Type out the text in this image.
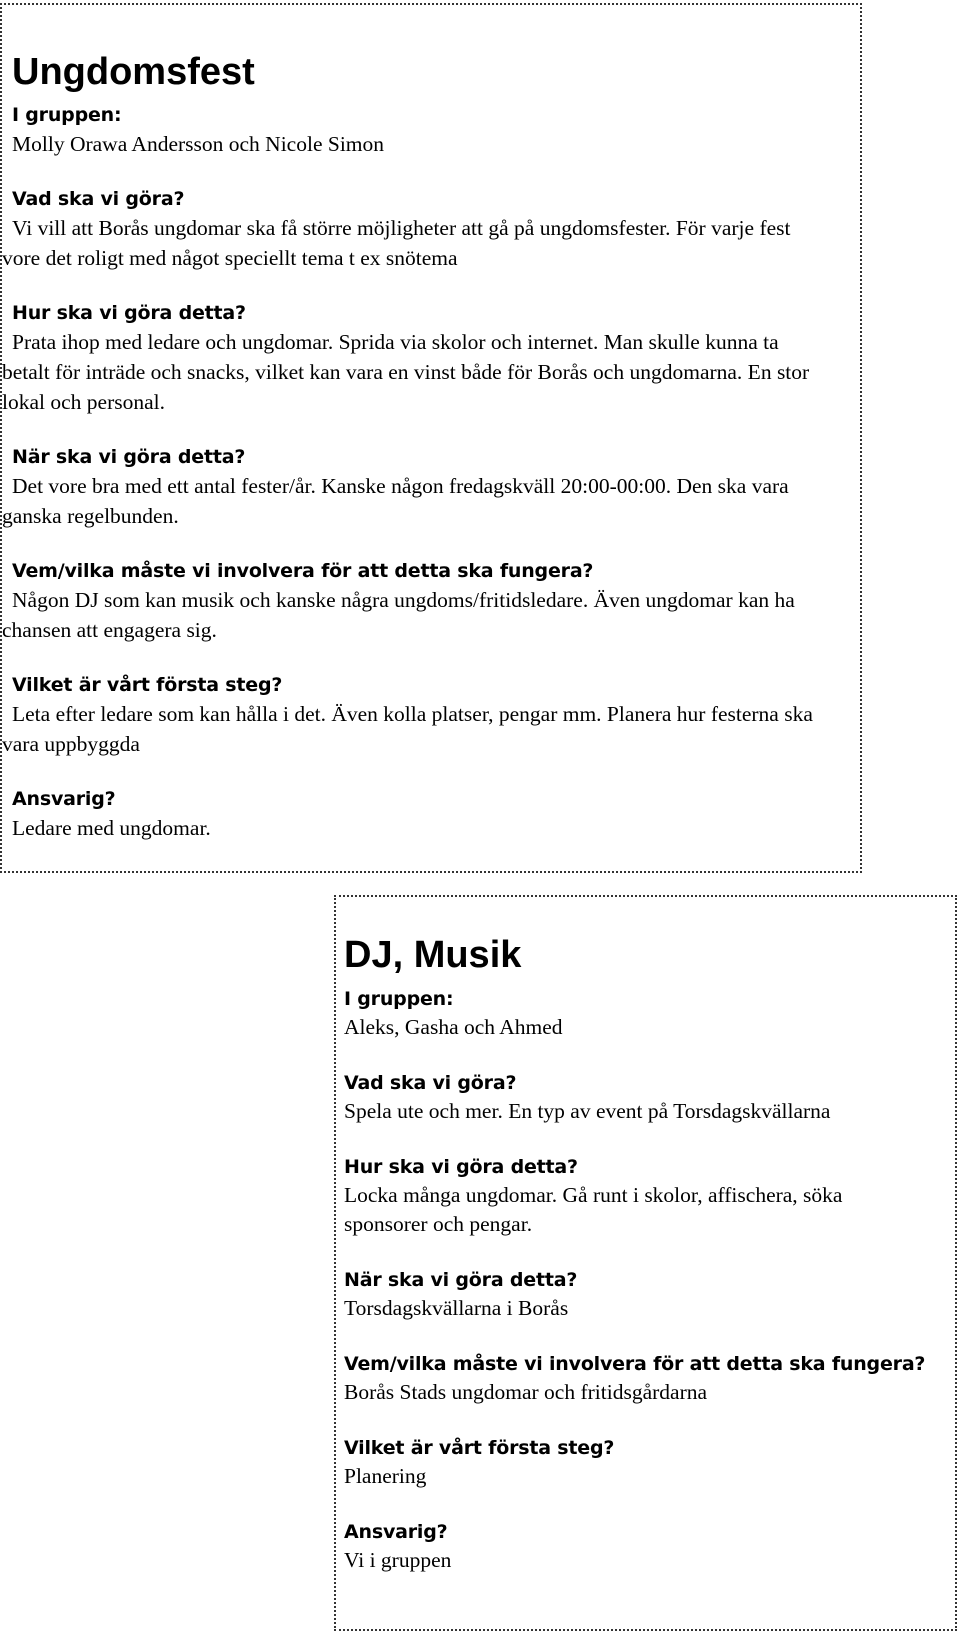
Ungdomsfest
I gruppen:
Molly Orawa Andersson och Nicole Simon
Vad ska vi göra?
Vi vill att Borås ungdomar ska få större möjligheter att gå på ungdomsfester. För varje fest vore det roligt med något speciellt tema t ex snötema
Hur ska vi göra detta?
Prata ihop med ledare och ungdomar. Sprida via skolor och internet. Man skulle kunna ta betalt för inträde och snacks, vilket kan vara en vinst både för Borås och ungdomarna. En stor lokal och personal.
När ska vi göra detta?
Det vore bra med ett antal fester/år. Kanske någon fredagskväll 20:00-00:00. Den ska vara ganska regelbunden.
Vem/vilka måste vi involvera för att detta ska fungera?
Någon DJ som kan musik och kanske några ungdoms/fritidsledare. Även ungdomar kan ha chansen att engagera sig.
Vilket är vårt första steg?
Leta efter ledare som kan hålla i det. Även kolla platser, pengar mm. Planera hur festerna ska vara uppbyggda
Ansvarig?
Ledare med ungdomar.
DJ, Musik
I gruppen:
Aleks, Gasha och Ahmed
Vad ska vi göra?
Spela ute och mer. En typ av event på Torsdagskvällarna
Hur ska vi göra detta?
Locka många ungdomar. Gå runt i skolor, affischera, söka sponsorer och pengar.
När ska vi göra detta?
Torsdagskvällarna i Borås
Vem/vilka måste vi involvera för att detta ska fungera?
Borås Stads ungdomar och fritidsgårdarna
Vilket är vårt första steg?
Planering
Ansvarig?
Vi i gruppen
